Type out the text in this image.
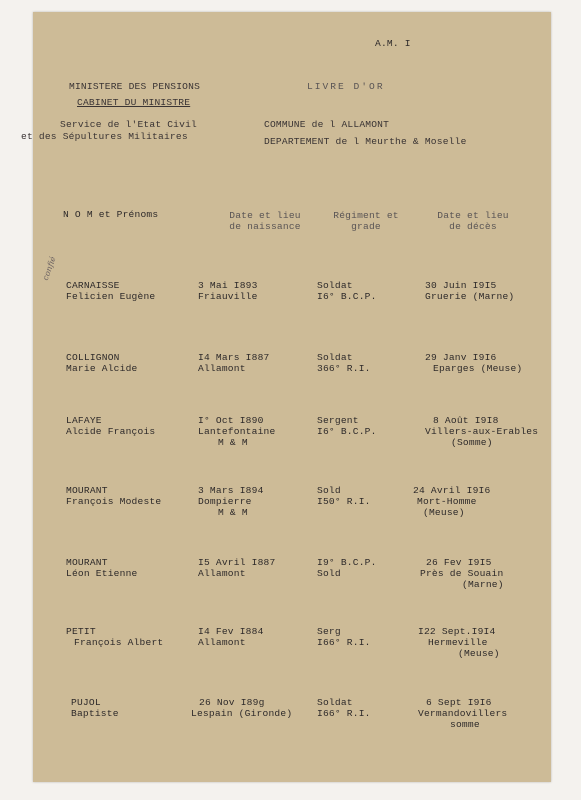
A.M. I
MINISTERE DES PENSIONS
CABINET DU MINISTRE
Service de l'Etat Civil
et des Sépultures Militaires
LIVRE D'OR
COMMUNE de l ALLAMONT
DEPARTEMENT de l Meurthe & Moselle
N O M et Prénoms	Date et lieu
de naissance
Régiment et
grade
Date et lieu
de décès
confié
CARNAISSE
Felicien Eugène
3 Mai I893
Friauville
Soldat
I6° B.C.P.
30 Juin I9I5
Gruerie (Marne)
COLLIGNON
Marie Alcide
I4 Mars I887
Allamont
Soldat
366° R.I.
29 Janv I9I6
Eparges (Meuse)
LAFAYE
Alcide François
I° Oct I890
Lantefontaine
M & M
Sergent
I6° B.C.P.
8 Août I9I8
Villers-aux-Erables
(Somme)
MOURANT
François Modeste
3 Mars I894
Dompierre
M & M
Sold
I50° R.I.
24 Avril I9I6
Mort-Homme
(Meuse)
MOURANT
Léon Etienne
I5 Avril I887
Allamont
I9° B.C.P.
Sold
26 Fev I9I5
Près de Souain
(Marne)
PETIT
François Albert
I4 Fev I884
Allamont
Serg
I66° R.I.
I22 Sept.I9I4
Hermeville
(Meuse)
PUJOL
Baptiste
26 Nov I89g
Lespain (Gironde)
Soldat
I66° R.I.
6 Sept I9I6
Vermandovillers
somme
